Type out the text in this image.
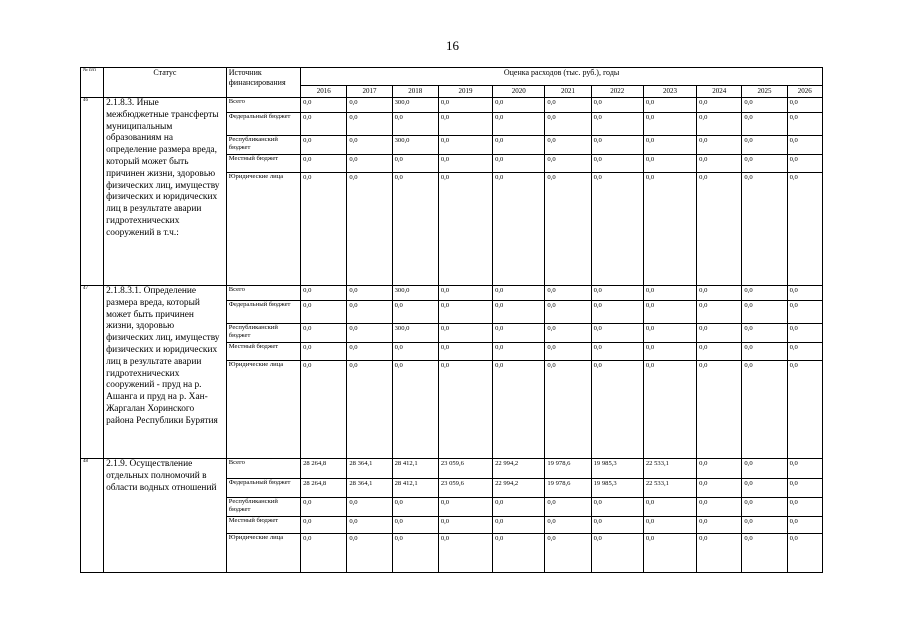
16
№ п/п	Статус	Источник финансирования	Оценка расходов (тыс. руб.), годы										
			2016	2017	2018	2019	2020	2021	2022	2023	2024	2025	2026
46	2.1.8.3. Иные межбюджетные трансферты муниципальным образованиям на определение размера вреда, который может быть причинен жизни, здоровью физических лиц, имуществу физических и юридических лиц в результате аварии гидротехнических сооружений в т.ч.:	Всего	0,0	0,0	300,0	0,0	0,0	0,0	0,0	0,0	0,0	0,0	0,0
		Федеральный бюджет	0,0	0,0	0,0	0,0	0,0	0,0	0,0	0,0	0,0	0,0	0,0
		Республиканский бюджет	0,0	0,0	300,0	0,0	0,0	0,0	0,0	0,0	0,0	0,0	0,0
		Местный бюджет	0,0	0,0	0,0	0,0	0,0	0,0	0,0	0,0	0,0	0,0	0,0
		Юридические лица	0,0	0,0	0,0	0,0	0,0	0,0	0,0	0,0	0,0	0,0	0,0
47	2.1.8.3.1. Определение размера вреда, который может быть причинен жизни, здоровью физических лиц, имуществу физических и юридических лиц в результате аварии гидротехнических сооружений - пруд на р. Ашанга и пруд на р. Хан-Жаргалан Хоринского района Республики Бурятия	Всего	0,0	0,0	300,0	0,0	0,0	0,0	0,0	0,0	0,0	0,0	0,0
		Федеральный бюджет	0,0	0,0	0,0	0,0	0,0	0,0	0,0	0,0	0,0	0,0	0,0
		Республиканский бюджет	0,0	0,0	300,0	0,0	0,0	0,0	0,0	0,0	0,0	0,0	0,0
		Местный бюджет	0,0	0,0	0,0	0,0	0,0	0,0	0,0	0,0	0,0	0,0	0,0
		Юридические лица	0,0	0,0	0,0	0,0	0,0	0,0	0,0	0,0	0,0	0,0	0,0
48	2.1.9. Осуществление отдельных полномочий в области водных отношений	Всего	28 264,8	28 364,1	28 412,1	23 059,6	22 994,2	19 978,6	19 985,3	22 533,1	0,0	0,0	0,0
		Федеральный бюджет	28 264,8	28 364,1	28 412,1	23 059,6	22 994,2	19 978,6	19 985,3	22 533,1	0,0	0,0	0,0
		Республиканский бюджет	0,0	0,0	0,0	0,0	0,0	0,0	0,0	0,0	0,0	0,0	0,0
		Местный бюджет	0,0	0,0	0,0	0,0	0,0	0,0	0,0	0,0	0,0	0,0	0,0
		Юридические лица	0,0	0,0	0,0	0,0	0,0	0,0	0,0	0,0	0,0	0,0	0,0
